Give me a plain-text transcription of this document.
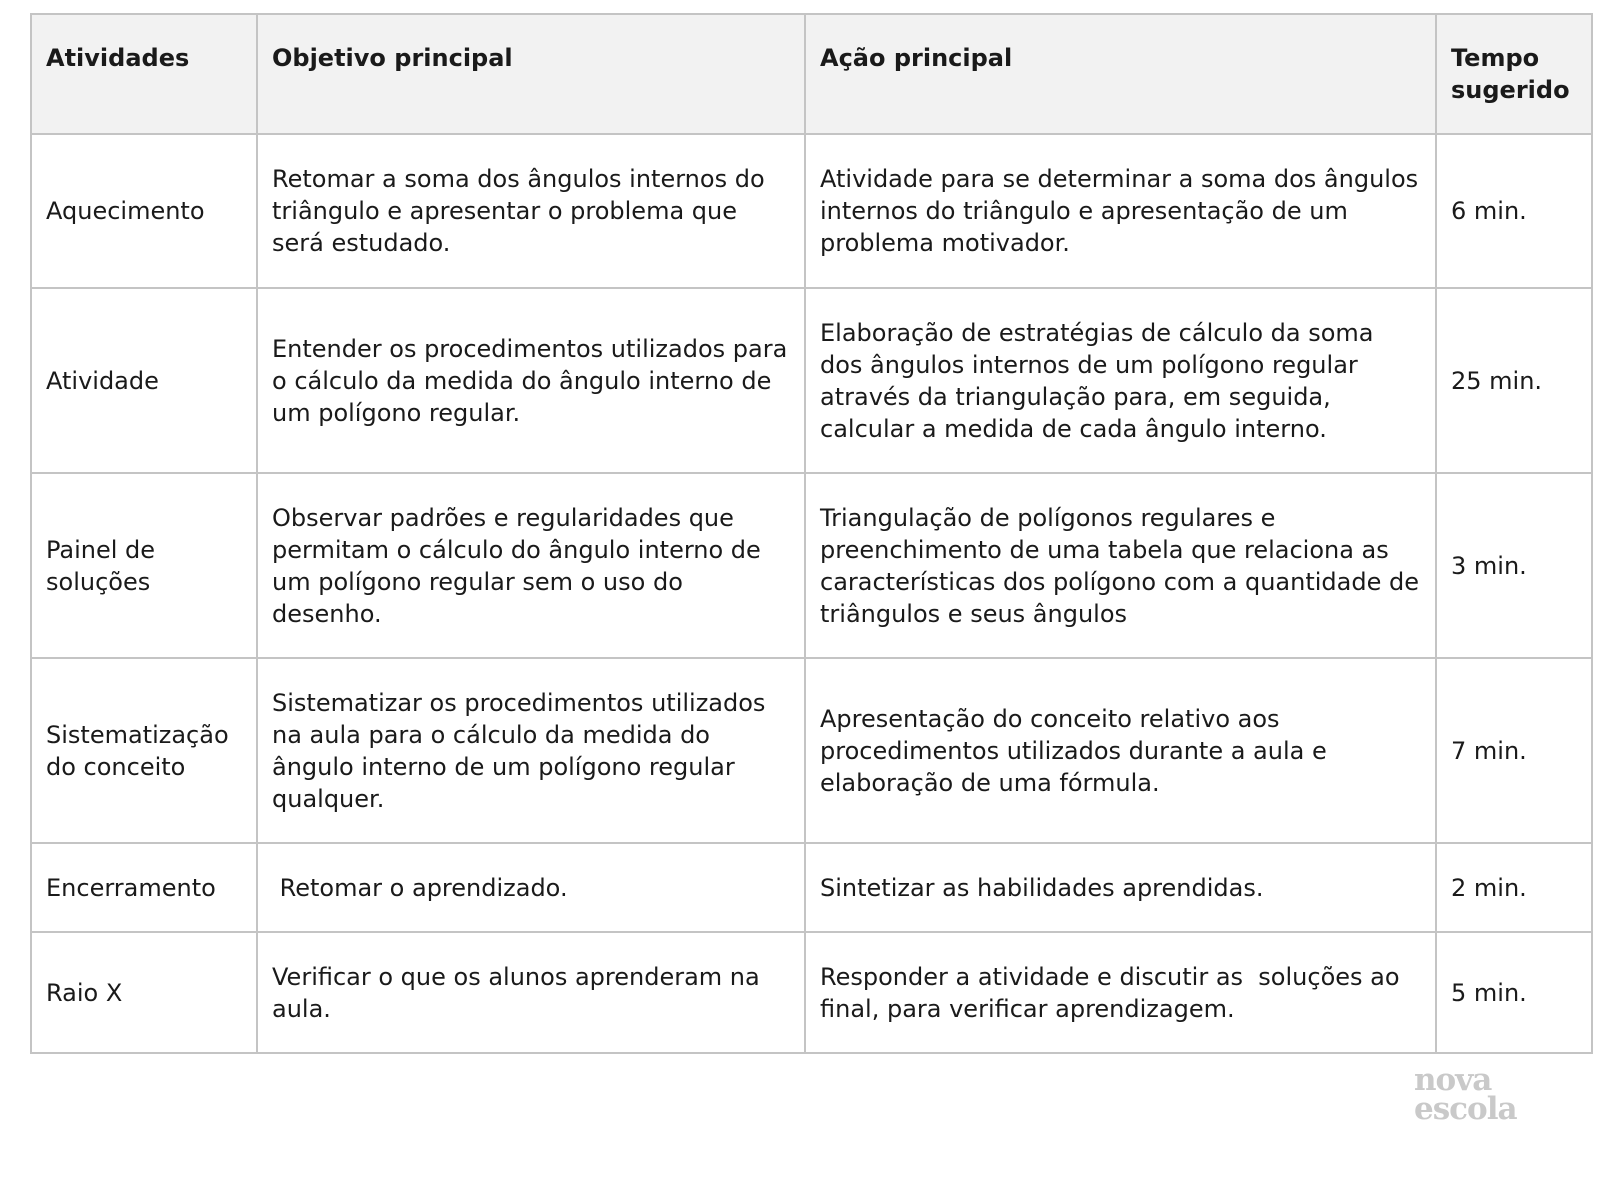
Atividades	Objetivo principal	Ação principal	Tempo sugerido
Aquecimento	Retomar a soma dos ângulos internos do triângulo e apresentar o problema que será estudado.	Atividade para se determinar a soma dos ângulos internos do triângulo e apresentação de um problema motivador.	6 min.
Atividade	Entender os procedimentos utilizados para o cálculo da medida do ângulo interno de um polígono regular.	Elaboração de estratégias de cálculo da soma dos ângulos internos de um polígono regular através da triangulação para, em seguida, calcular a medida de cada ângulo interno.	25 min.
Painel de soluções	Observar padrões e regularidades que permitam o cálculo do ângulo interno de um polígono regular sem o uso do desenho.	Triangulação de polígonos regulares e preenchimento de uma tabela que relaciona as características dos polígono com a quantidade de triângulos e seus ângulos	3 min.
Sistematização do conceito	Sistematizar os procedimentos utilizados na aula para o cálculo da medida do ângulo interno de um polígono regular qualquer.	Apresentação do conceito relativo aos procedimentos utilizados durante a aula e elaboração de uma fórmula.	7 min.
Encerramento	Retomar o aprendizado.	Sintetizar as habilidades aprendidas.	2 min.
Raio X	Verificar o que os alunos aprenderam na aula.	Responder a atividade e discutir as  soluções ao final, para verificar aprendizagem.	5 min.
nova
escola
